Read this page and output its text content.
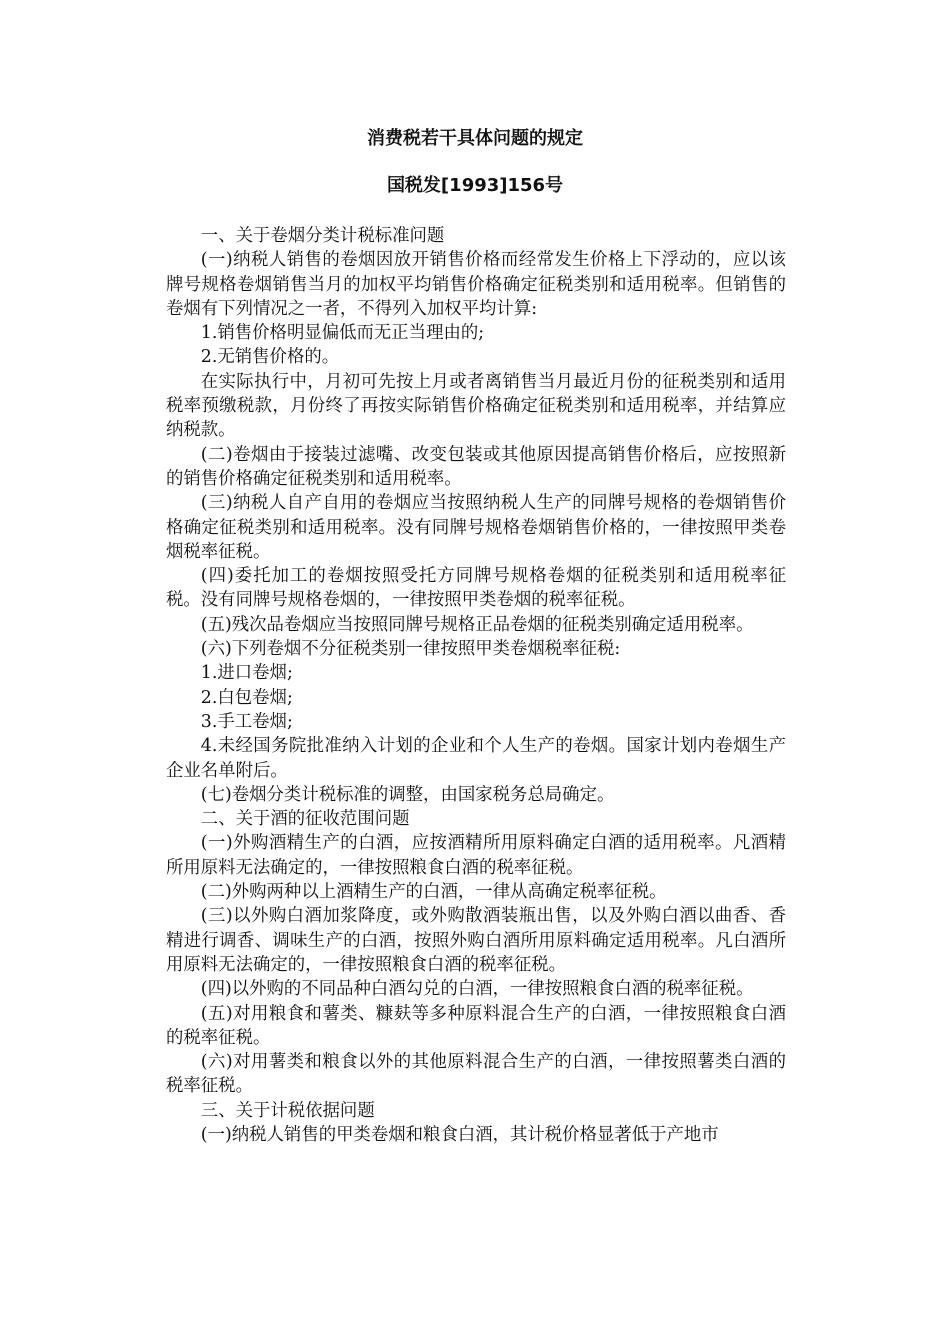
消费税若干具体问题的规定
国税发[1993]156号

一、关于卷烟分类计税标准问题

(一)纳税人销售的卷烟因放开销售价格而经常发生价格上下浮动的，应以该牌号规格卷烟销售当月的加权平均销售价格确定征税类别和适用税率。但销售的卷烟有下列情况之一者，不得列入加权平均计算:

1.销售价格明显偏低而无正当理由的;

2.无销售价格的。

在实际执行中，月初可先按上月或者离销售当月最近月份的征税类别和适用税率预缴税款，月份终了再按实际销售价格确定征税类别和适用税率，并结算应纳税款。

(二)卷烟由于接装过滤嘴、改变包装或其他原因提高销售价格后，应按照新的销售价格确定征税类别和适用税率。

(三)纳税人自产自用的卷烟应当按照纳税人生产的同牌号规格的卷烟销售价格确定征税类别和适用税率。没有同牌号规格卷烟销售价格的，一律按照甲类卷烟税率征税。

(四)委托加工的卷烟按照受托方同牌号规格卷烟的征税类别和适用税率征税。没有同牌号规格卷烟的，一律按照甲类卷烟的税率征税。

(五)残次品卷烟应当按照同牌号规格正品卷烟的征税类别确定适用税率。

(六)下列卷烟不分征税类别一律按照甲类卷烟税率征税:

1.进口卷烟;

2.白包卷烟;

3.手工卷烟;

4.未经国务院批准纳入计划的企业和个人生产的卷烟。国家计划内卷烟生产企业名单附后。

(七)卷烟分类计税标准的调整，由国家税务总局确定。

二、关于酒的征收范围问题

(一)外购酒精生产的白酒，应按酒精所用原料确定白酒的适用税率。凡酒精所用原料无法确定的，一律按照粮食白酒的税率征税。

(二)外购两种以上酒精生产的白酒，一律从高确定税率征税。

(三)以外购白酒加浆降度，或外购散酒装瓶出售，以及外购白酒以曲香、香精进行调香、调味生产的白酒，按照外购白酒所用原料确定适用税率。凡白酒所用原料无法确定的，一律按照粮食白酒的税率征税。

(四)以外购的不同品种白酒勾兑的白酒，一律按照粮食白酒的税率征税。

(五)对用粮食和薯类、糠麸等多种原料混合生产的白酒，一律按照粮食白酒的税率征税。

(六)对用薯类和粮食以外的其他原料混合生产的白酒，一律按照薯类白酒的税率征税。

三、关于计税依据问题

(一)纳税人销售的甲类卷烟和粮食白酒，其计税价格显著低于产地市
